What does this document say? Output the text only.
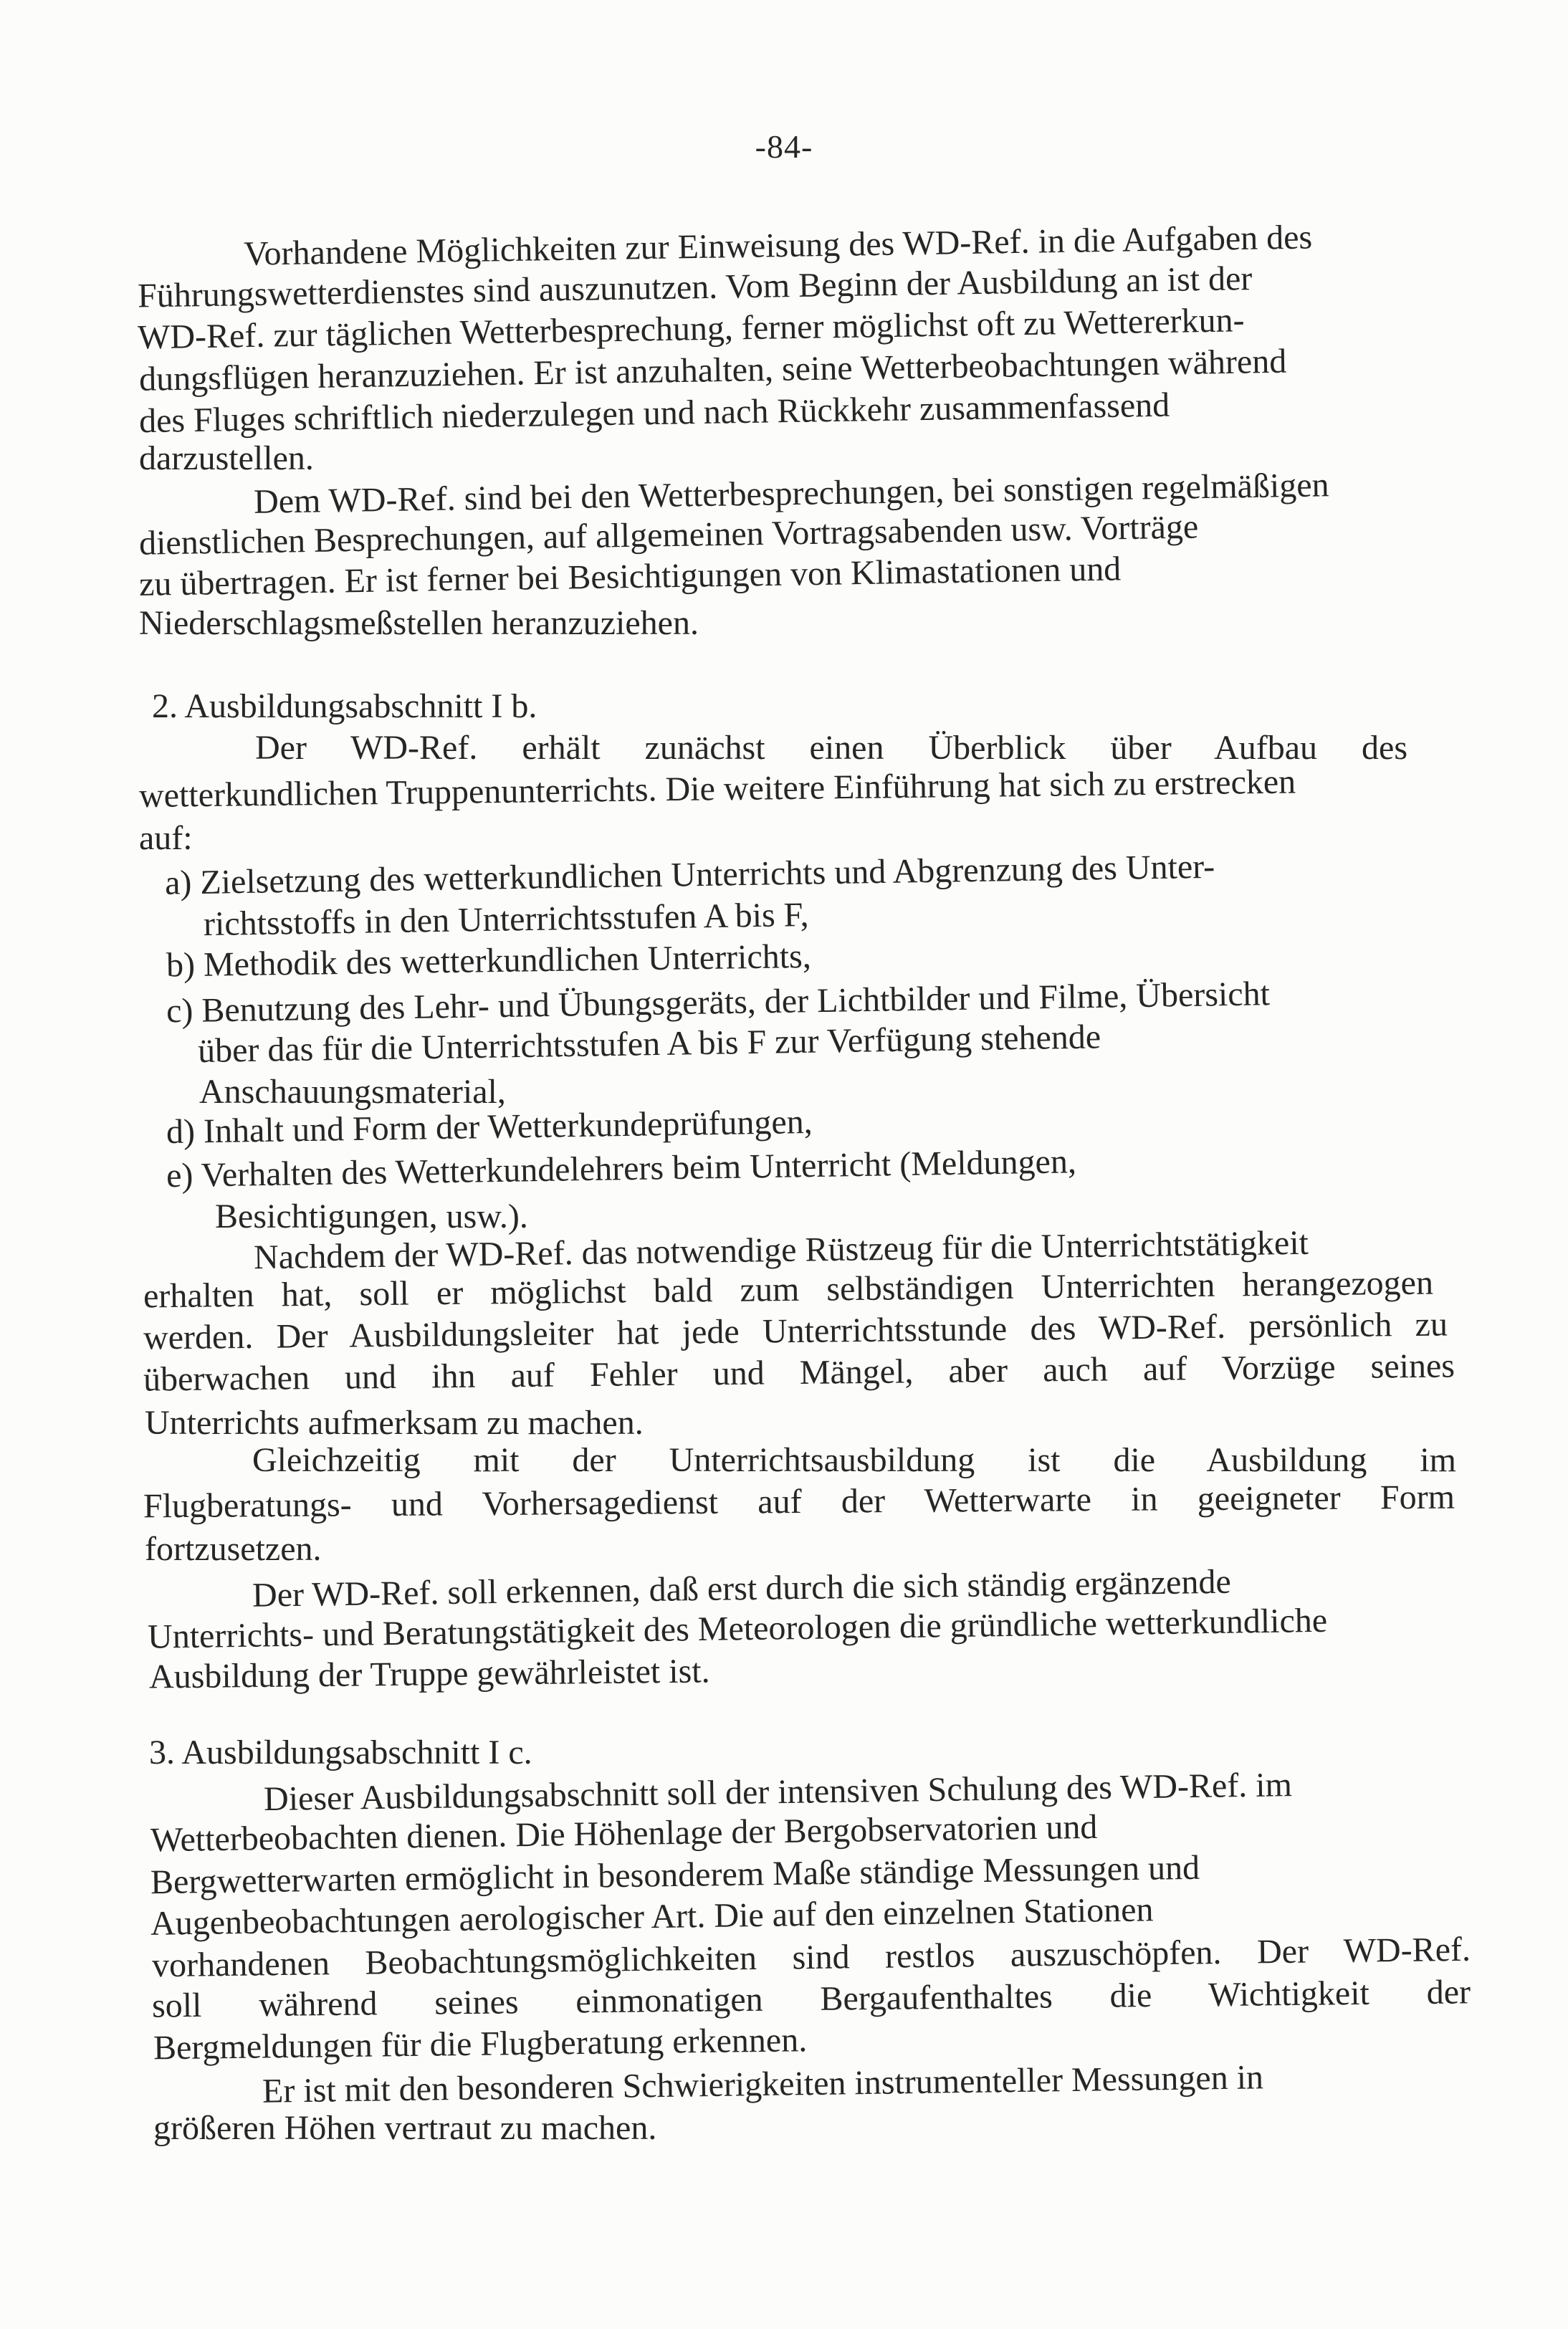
-84-
Vorhandene Möglichkeiten zur Einweisung des WD-Ref. in die Aufgaben des
Führungswetterdienstes sind auszunutzen. Vom Beginn der Ausbildung an ist der
WD-Ref. zur täglichen Wetterbesprechung, ferner möglichst oft zu Wettererkun-
dungsflügen heranzuziehen. Er ist anzuhalten, seine Wetterbeobachtungen während
des Fluges schriftlich niederzulegen und nach Rückkehr zusammenfassend
darzustellen.
Dem WD-Ref. sind bei den Wetterbesprechungen, bei sonstigen regelmäßigen
dienstlichen Besprechungen, auf allgemeinen Vortragsabenden usw. Vorträge
zu übertragen. Er ist ferner bei Besichtigungen von Klimastationen und
Niederschlagsmeßstellen heranzuziehen.
2. Ausbildungsabschnitt I b.
Der WD-Ref. erhält zunächst einen Überblick über Aufbau des
wetterkundlichen Truppenunterrichts. Die weitere Einführung hat sich zu erstrecken
auf:
a) Zielsetzung des wetterkundlichen Unterrichts und Abgrenzung des Unter-
richtsstoffs in den Unterrichtsstufen A bis F,
b) Methodik des wetterkundlichen Unterrichts,
c) Benutzung des Lehr- und Übungsgeräts, der Lichtbilder und Filme, Übersicht
über das für die Unterrichtsstufen A bis F zur Verfügung stehende
Anschauungsmaterial,
d) Inhalt und Form der Wetterkundeprüfungen,
e) Verhalten des Wetterkundelehrers beim Unterricht (Meldungen,
Besichtigungen, usw.).
Nachdem der WD-Ref. das notwendige Rüstzeug für die Unterrichtstätigkeit
erhalten hat, soll er möglichst bald zum selbständigen Unterrichten herangezogen
werden. Der Ausbildungsleiter hat jede Unterrichtsstunde des WD-Ref. persönlich zu
überwachen und ihn auf Fehler und Mängel, aber auch auf Vorzüge seines
Unterrichts aufmerksam zu machen.
Gleichzeitig mit der Unterrichtsausbildung ist die Ausbildung im
Flugberatungs- und Vorhersagedienst auf der Wetterwarte in geeigneter Form
fortzusetzen.
Der WD-Ref. soll erkennen, daß erst durch die sich ständig ergänzende
Unterrichts- und Beratungstätigkeit des Meteorologen die gründliche wetterkundliche
Ausbildung der Truppe gewährleistet ist.
3. Ausbildungsabschnitt I c.
Dieser Ausbildungsabschnitt soll der intensiven Schulung des WD-Ref. im
Wetterbeobachten dienen. Die Höhenlage der Bergobservatorien und
Bergwetterwarten ermöglicht in besonderem Maße ständige Messungen und
Augenbeobachtungen aerologischer Art. Die auf den einzelnen Stationen
vorhandenen Beobachtungsmöglichkeiten sind restlos auszuschöpfen. Der WD-Ref.
soll während seines einmonatigen Bergaufenthaltes die Wichtigkeit der
Bergmeldungen für die Flugberatung erkennen.
Er ist mit den besonderen Schwierigkeiten instrumenteller Messungen in
größeren Höhen vertraut zu machen.
